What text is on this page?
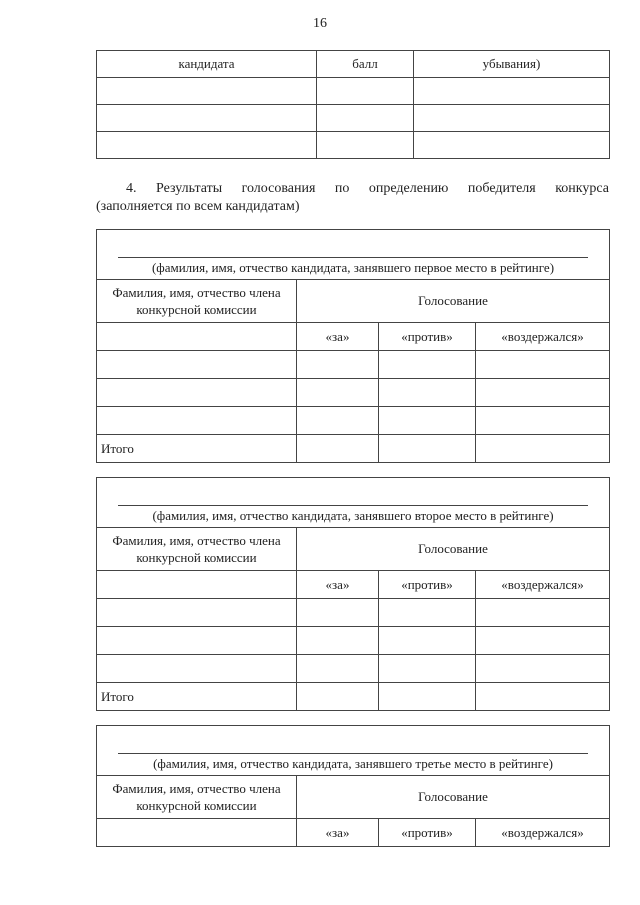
16
кандидата	балл	убывания)

4. Результаты голосования по определению победителя конкурса
(заполняется по всем кандидатам)
(фамилия, имя, отчество кандидата, занявшего первое место в рейтинге)			
Фамилия, имя, отчество члена конкурсной комиссии	Голосование		

	«за»	«против»	«воздержался»

Итого			
(фамилия, имя, отчество кандидата, занявшего второе место в рейтинге)			
Фамилия, имя, отчество члена конкурсной комиссии	Голосование		

	«за»	«против»	«воздержался»

Итого			
(фамилия, имя, отчество кандидата, занявшего третье место в рейтинге)			
Фамилия, имя, отчество члена конкурсной комиссии	Голосование		

	«за»	«против»	«воздержался»
